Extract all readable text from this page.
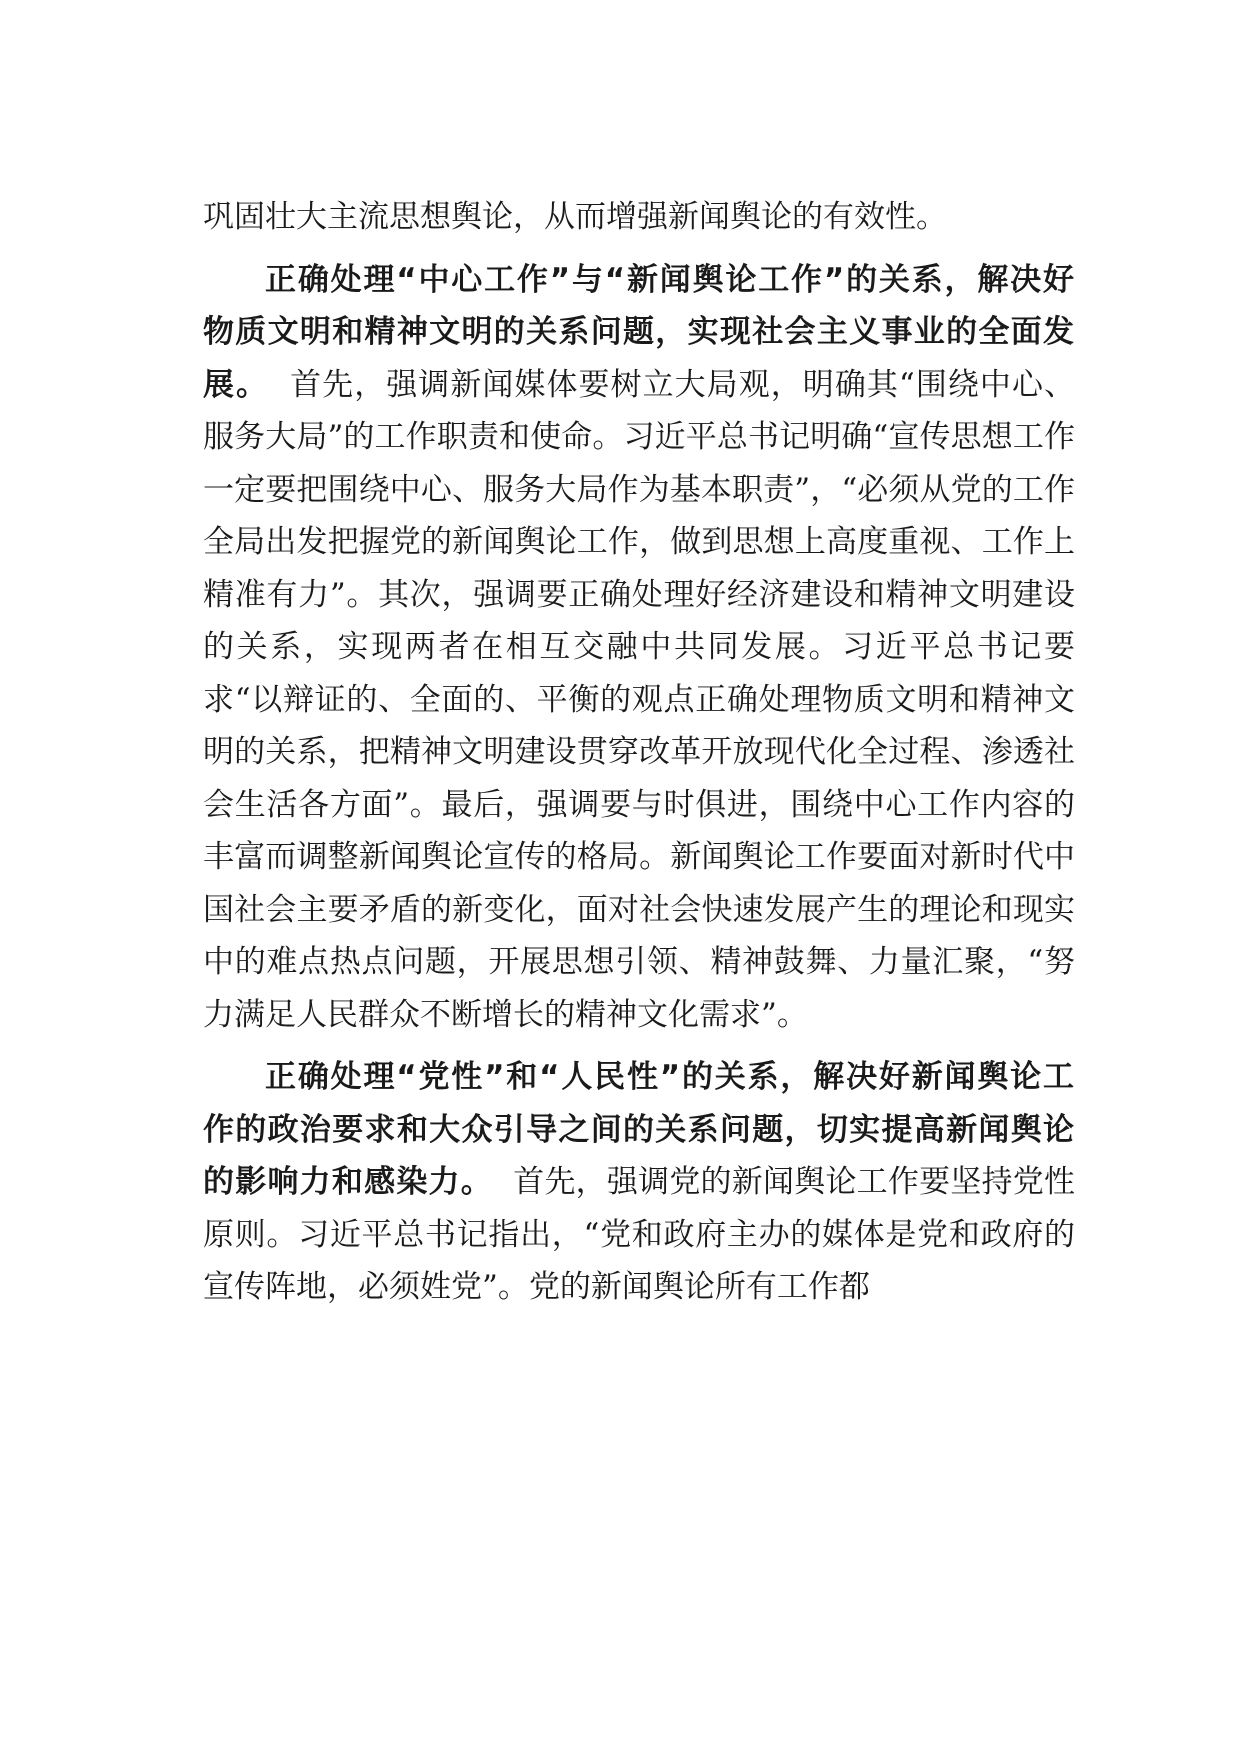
巩固壮大主流思想舆论，从而增强新闻舆论的有效性。

正确处理“中心工作”与“新闻舆论工作”的关系，解决好物质文明和精神文明的关系问题，实现社会主义事业的全面发展。 首先，强调新闻媒体要树立大局观，明确其“围绕中心、服务大局”的工作职责和使命。习近平总书记明确“宣传思想工作一定要把围绕中心、服务大局作为基本职责”，“必须从党的工作全局出发把握党的新闻舆论工作，做到思想上高度重视、工作上精准有力”。其次，强调要正确处理好经济建设和精神文明建设的关系，实现两者在相互交融中共同发展。习近平总书记要求“以辩证的、全面的、平衡的观点正确处理物质文明和精神文明的关系，把精神文明建设贯穿改革开放现代化全过程、渗透社会生活各方面”。最后，强调要与时俱进，围绕中心工作内容的丰富而调整新闻舆论宣传的格局。新闻舆论工作要面对新时代中国社会主要矛盾的新变化，面对社会快速发展产生的理论和现实中的难点热点问题，开展思想引领、精神鼓舞、力量汇聚，“努力满足人民群众不断增长的精神文化需求”。

正确处理“党性”和“人民性”的关系，解决好新闻舆论工作的政治要求和大众引导之间的关系问题，切实提高新闻舆论的影响力和感染力。 首先，强调党的新闻舆论工作要坚持党性原则。习近平总书记指出，“党和政府主办的媒体是党和政府的宣传阵地，必须姓党”。党的新闻舆论所有工作都
